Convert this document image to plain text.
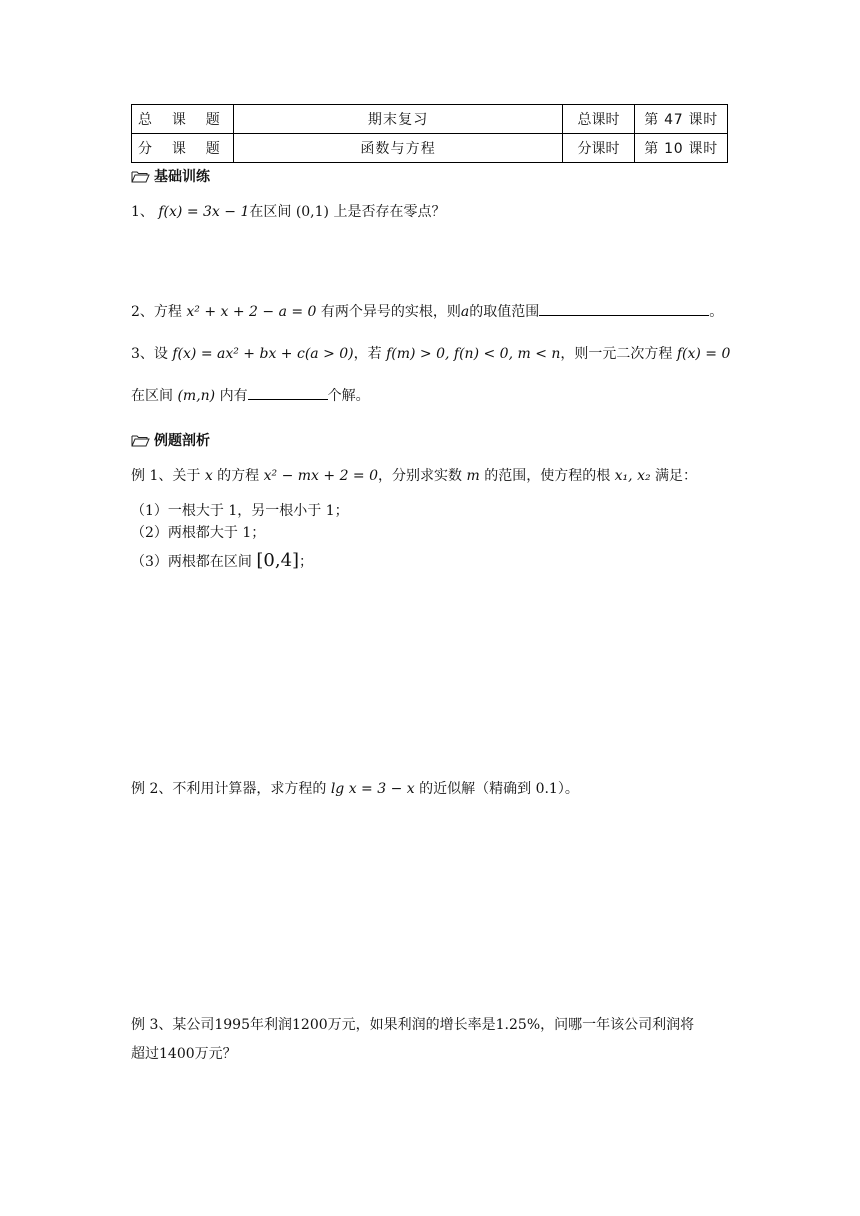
总 课 题	期末复习	总课时	第 47 课时
分 课 题	函数与方程	分课时	第 10 课时
基础训练
1、 f(x) = 3x − 1在区间 (0,1) 上是否存在零点？
2、方程 x² + x + 2 − a = 0 有两个异号的实根，则a的取值范围	。
3、设 f(x) = ax² + bx + c(a > 0)，若 f(m) > 0, f(n) < 0, m < n，则一元二次方程 f(x) = 0
在区间 (m,n) 内有	个解。
例题剖析
例 1、关于 x 的方程 x² − mx + 2 = 0，分别求实数 m 的范围，使方程的根 x₁, x₂ 满足：
（1）一根大于 1，另一根小于 1；
（2）两根都大于 1；
（3）两根都在区间 [0,4]；
例 2、不利用计算器，求方程的 lg x = 3 − x 的近似解（精确到 0.1）。
例 3、某公司1995年利润1200万元，如果利润的增长率是1.25%，问哪一年该公司利润将
超过1400万元？
